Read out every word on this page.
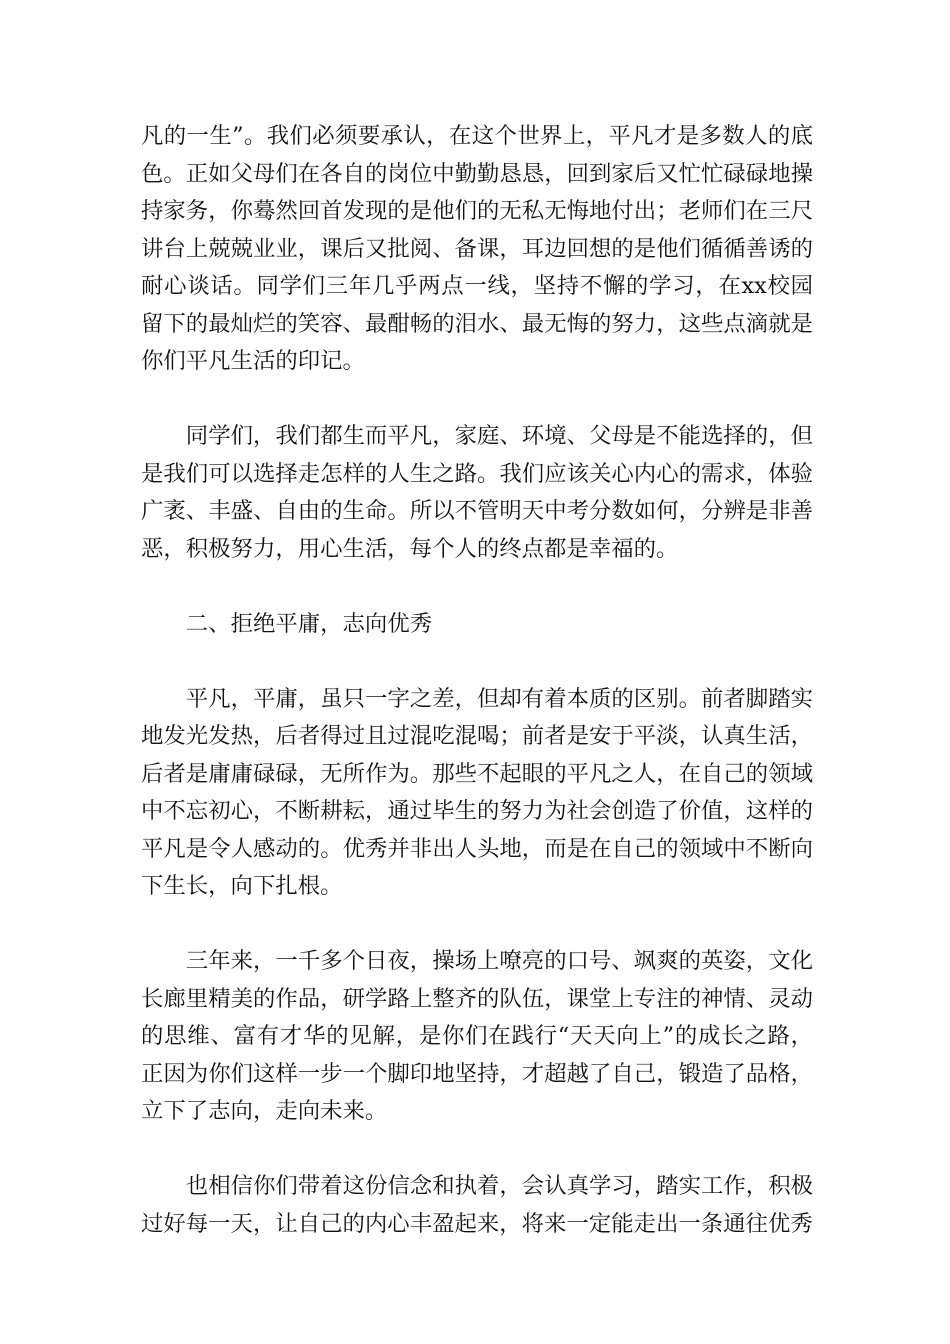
凡的一生”。我们必须要承认，在这个世界上，平凡才是多数人的底色。正如父母们在各自的岗位中勤勤恳恳，回到家后又忙忙碌碌地操持家务，你蓦然回首发现的是他们的无私无悔地付出；老师们在三尺讲台上兢兢业业，课后又批阅、备课，耳边回想的是他们循循善诱的耐心谈话。同学们三年几乎两点一线，坚持不懈的学习，在xx校园留下的最灿烂的笑容、最酣畅的泪水、最无悔的努力，这些点滴就是你们平凡生活的印记。

同学们，我们都生而平凡，家庭、环境、父母是不能选择的，但是我们可以选择走怎样的人生之路。我们应该关心内心的需求，体验广袤、丰盛、自由的生命。所以不管明天中考分数如何，分辨是非善恶，积极努力，用心生活，每个人的终点都是幸福的。

二、拒绝平庸，志向优秀

平凡，平庸，虽只一字之差，但却有着本质的区别。前者脚踏实地发光发热，后者得过且过混吃混喝；前者是安于平淡，认真生活，后者是庸庸碌碌，无所作为。那些不起眼的平凡之人，在自己的领域中不忘初心，不断耕耘，通过毕生的努力为社会创造了价值，这样的平凡是令人感动的。优秀并非出人头地，而是在自己的领域中不断向下生长，向下扎根。

三年来，一千多个日夜，操场上嘹亮的口号、飒爽的英姿，文化长廊里精美的作品，研学路上整齐的队伍，课堂上专注的神情、灵动的思维、富有才华的见解，是你们在践行“天天向上”的成长之路，正因为你们这样一步一个脚印地坚持，才超越了自己，锻造了品格，立下了志向，走向未来。

也相信你们带着这份信念和执着，会认真学习，踏实工作，积极过好每一天，让自己的内心丰盈起来，将来一定能走出一条通往优秀
